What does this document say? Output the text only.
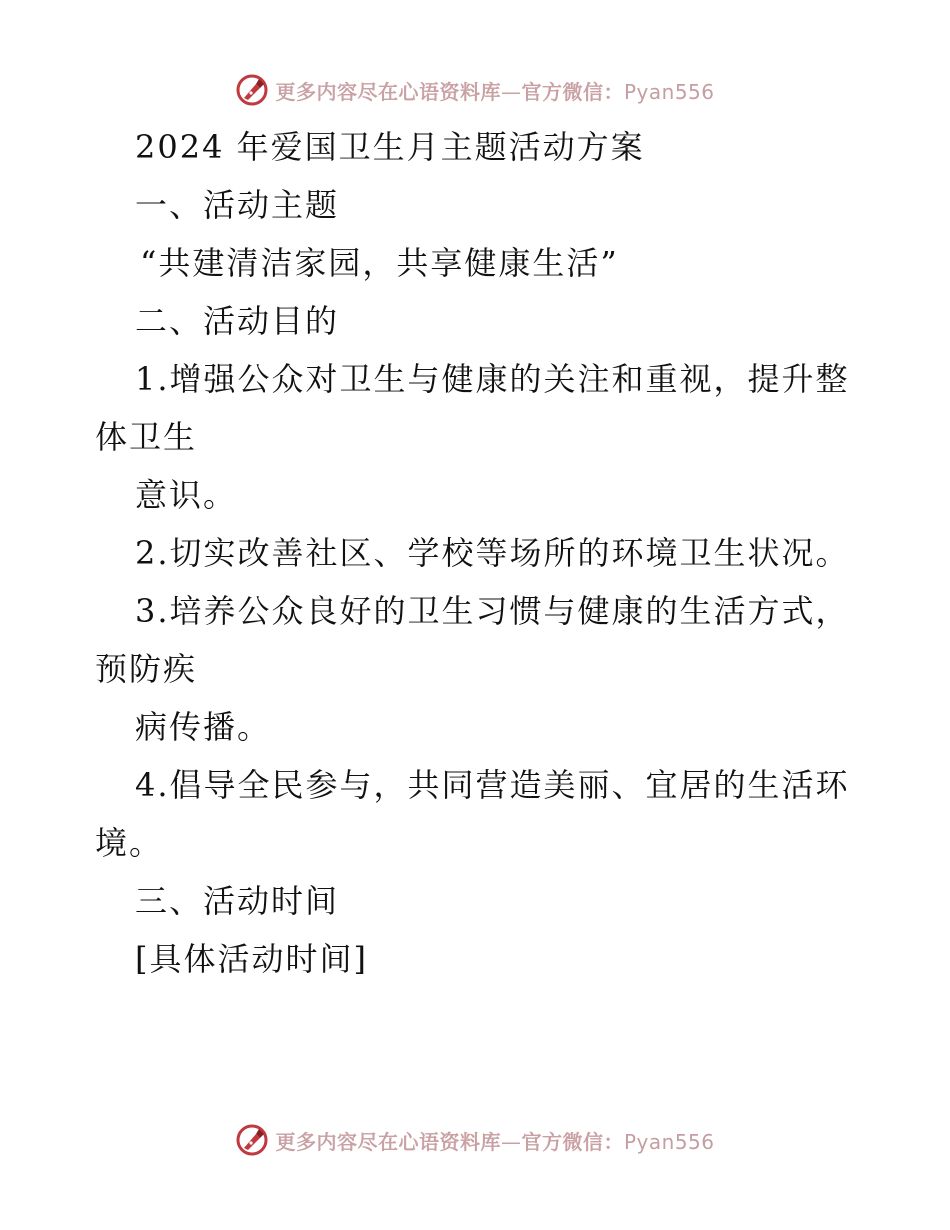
更多内容尽在心语资料库—官方微信：Pyan556
2024 年爱国卫生月主题活动方案
一、活动主题
“共建清洁家园，共享健康生活”
二、活动目的
1.增强公众对卫生与健康的关注和重视，提升整
体卫生
意识。
2.切实改善社区、学校等场所的环境卫生状况。
3.培养公众良好的卫生习惯与健康的生活方式，
预防疾
病传播。
4.倡导全民参与，共同营造美丽、宜居的生活环
境。
三、活动时间
[具体活动时间]
更多内容尽在心语资料库—官方微信：Pyan556
